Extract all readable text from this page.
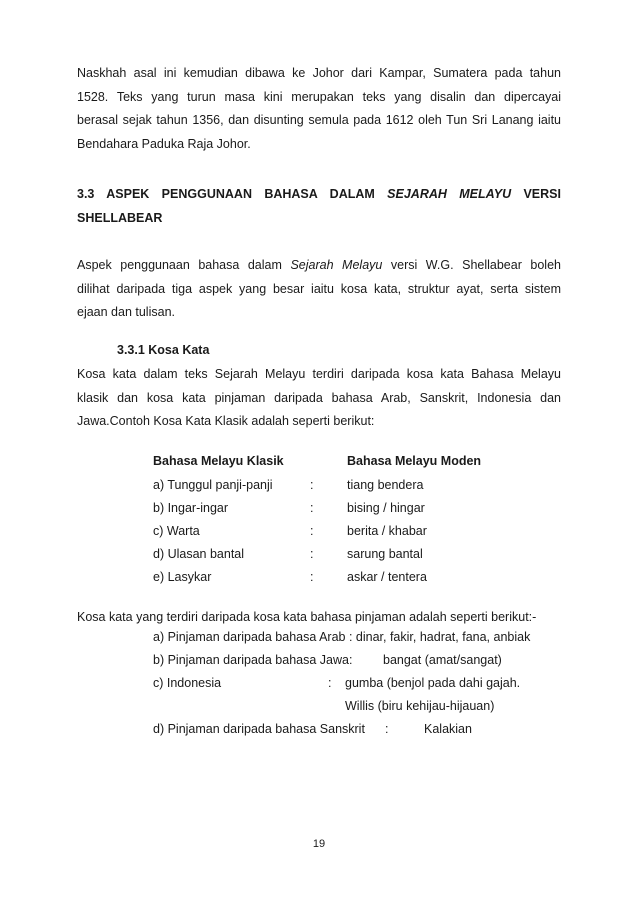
Naskhah asal ini kemudian dibawa ke Johor dari Kampar, Sumatera pada tahun
1528. Teks yang turun masa kini merupakan teks yang disalin dan dipercayai
berasal sejak tahun 1356, dan disunting semula pada 1612 oleh Tun Sri Lanang iaitu
Bendahara Paduka Raja Johor.
3.3 ASPEK PENGGUNAAN BAHASA DALAM SEJARAH MELAYU VERSI
SHELLABEAR
Aspek penggunaan bahasa dalam Sejarah Melayu versi W.G. Shellabear boleh
dilihat daripada tiga aspek yang besar iaitu kosa kata, struktur ayat, serta sistem
ejaan dan tulisan.

3.3.1 Kosa Kata

Kosa kata dalam teks Sejarah Melayu terdiri daripada kosa kata Bahasa Melayu
klasik dan kosa kata pinjaman daripada bahasa Arab, Sanskrit, Indonesia dan
Jawa.Contoh Kosa Kata Klasik adalah seperti berikut:
Bahasa Melayu Klasik	Bahasa Melayu Moden
a) Tunggul panji-panji	:	tiang bendera
b) Ingar-ingar	:	bising / hingar
c) Warta	:	berita / khabar
d) Ulasan bantal	:	sarung bantal
e) Lasykar	:	askar / tentera

Kosa kata yang terdiri daripada kosa kata bahasa pinjaman adalah seperti berikut:-

a) Pinjaman daripada bahasa Arab : dinar, fakir, hadrat, fana, anbiak
b) Pinjaman daripada bahasa Jawa: bangat (amat/sangat)
c) Indonesia	: gumba (benjol pada dahi gajah.
Willis (biru kehijau-hijauan)
d) Pinjaman daripada bahasa Sanskrit :	Kalakian
19
